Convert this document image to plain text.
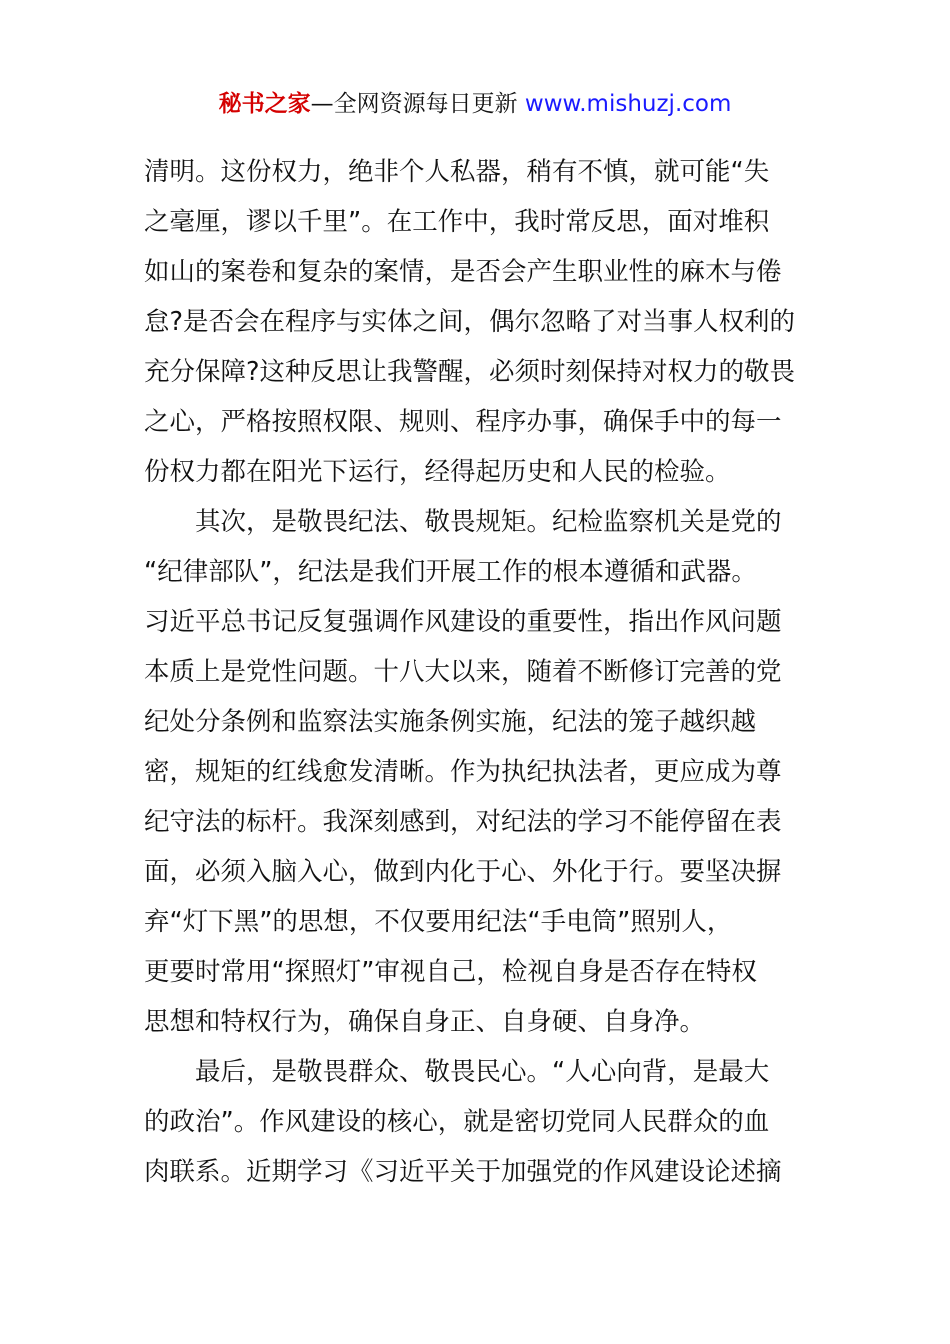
秘书之家—全网资源每日更新 www.mishuzj.com
清明。这份权力，绝非个人私器，稍有不慎，就可能“失
之毫厘，谬以千里”。在工作中，我时常反思，面对堆积
如山的案卷和复杂的案情，是否会产生职业性的麻木与倦
怠?是否会在程序与实体之间，偶尔忽略了对当事人权利的
充分保障?这种反思让我警醒，必须时刻保持对权力的敬畏
之心，严格按照权限、规则、程序办事，确保手中的每一
份权力都在阳光下运行，经得起历史和人民的检验。
其次，是敬畏纪法、敬畏规矩。纪检监察机关是党的
“纪律部队”，纪法是我们开展工作的根本遵循和武器。
习近平总书记反复强调作风建设的重要性，指出作风问题
本质上是党性问题。十八大以来，随着不断修订完善的党
纪处分条例和监察法实施条例实施，纪法的笼子越织越
密，规矩的红线愈发清晰。作为执纪执法者，更应成为尊
纪守法的标杆。我深刻感到，对纪法的学习不能停留在表
面，必须入脑入心，做到内化于心、外化于行。要坚决摒
弃“灯下黑”的思想，不仅要用纪法“手电筒”照别人，
更要时常用“探照灯”审视自己，检视自身是否存在特权
思想和特权行为，确保自身正、自身硬、自身净。
最后，是敬畏群众、敬畏民心。“人心向背，是最大
的政治”。作风建设的核心，就是密切党同人民群众的血
肉联系。近期学习《习近平关于加强党的作风建设论述摘
